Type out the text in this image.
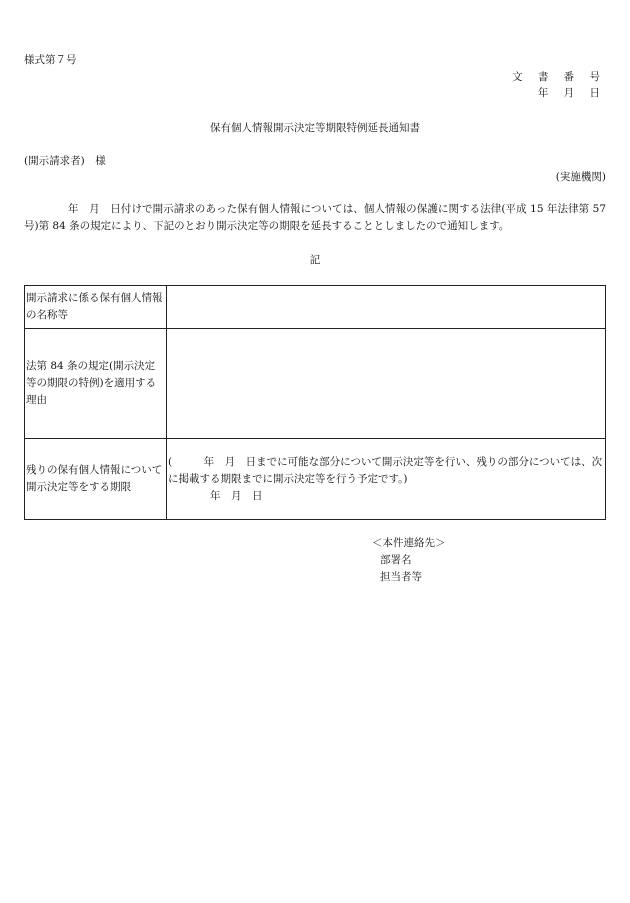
様式第７号
文 書 番 号
年 月 日
保有個人情報開示決定等期限特例延長通知書
(開示請求者)　様
(実施機関)
年　月　日付けで開示請求のあった保有個人情報については、個人情報の保護に関する法律(平成 15 年法律第 57 号)第 84 条の規定により、下記のとおり開示決定等の期限を延長することとしましたので通知します。
記
開示請求に係る保有個人情報の名称等	
法第 84 条の規定(開示決定等の期限の特例)を適用する理由	
残りの保有個人情報について開示決定等をする期限	(　　　年　月　日までに可能な部分について開示決定等を行い、残りの部分については、次に掲載する期限までに開示決定等を行う予定です。)
年　月　日
＜本件連絡先＞
部署名
担当者等
